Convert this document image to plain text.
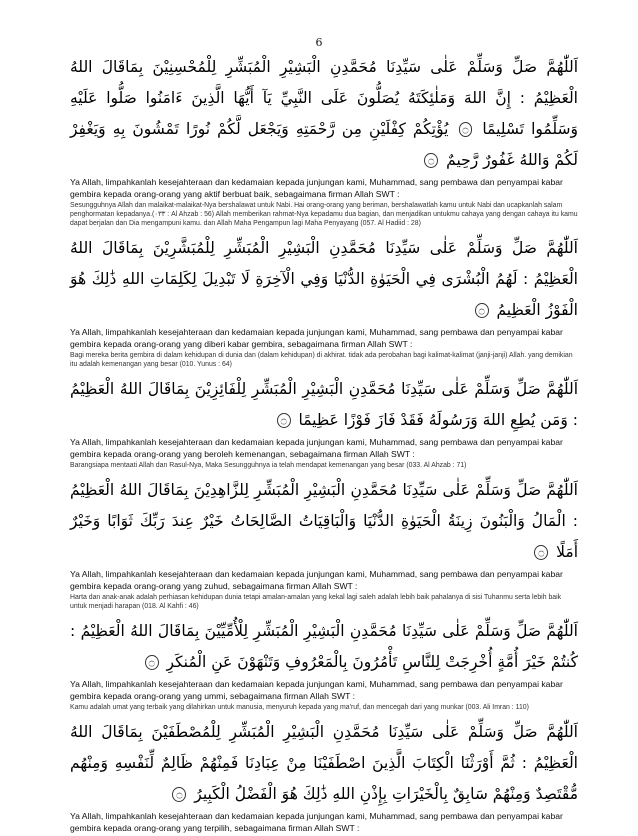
6
اَللّٰهُمَّ صَلِّ وَسَلِّمْ عَلٰى سَيِّدِنَا مُحَمَّدِنِ الْبَشِيْرِ الْمُبَشِّرِ لِلْمُحْسِنِيْنَ بِمَاقَالَ اللهُ الْعَظِيْمُ : إِنَّ اللهَ وَمَلٰئِكَتَهُ يُصَلُّونَ عَلَى النَّبِيِّ يَآ أَيُّهَا الَّذِينَ ءَامَنُوا صَلُّوا عَلَيْهِ وَسَلِّمُوا تَسْلِيمًا ۝ يُؤْتِكُمْ كِفْلَيْنِ مِن رَّحْمَتِهِ وَيَجْعَل لَّكُمْ نُورًا تَمْشُونَ بِهِ وَيَغْفِرْ لَكُمْ وَاللهُ غَفُورٌ رَّحِيمٌ ۝
Ya Allah, limpahkanlah kesejahteraan dan kedamaian kepada junjungan kami, Muhammad, sang pembawa dan penyampai kabar gembira kepada orang-orang yang aktif berbuat baik, sebagaimana firman Allah SWT :
Sesungguhnya Allah dan malaikat-malaikat-Nya bershalawat untuk Nabi. Hai orang-orang yang beriman, bershalawatlah kamu untuk Nabi dan ucapkanlah salam penghormatan kepadanya.(٠٣٣ : Al Ahzab : 56) Allah memberikan rahmat-Nya kepadamu dua bagian, dan menjadikan untukmu cahaya yang dengan cahaya itu kamu dapat berjalan dan Dia mengampuni kamu. dan Allah Maha Pengampun lagi Maha Penyayang (057. Al Hadiid : 28)
اَللّٰهُمَّ صَلِّ وَسَلِّمْ عَلٰى سَيِّدِنَا مُحَمَّدِنِ الْبَشِيْرِ الْمُبَشِّرِ لِلْمُبَشَّرِيْنَ بِمَاقَالَ اللهُ الْعَظِيْمُ : لَهُمُ الْبُشْرَى فِي الْحَيَوٰةِ الدُّنْيَا وَفِي الْآخِرَةِ لَا تَبْدِيلَ لِكَلِمَاتِ اللهِ ذَٰلِكَ هُوَ الْفَوْزُ الْعَظِيمُ ۝
Ya Allah, limpahkanlah kesejahteraan dan kedamaian kepada junjungan kami, Muhammad, sang pembawa dan penyampai kabar gembira kepada orang-orang yang diberi kabar gembira, sebagaimana firman Allah SWT :
Bagi mereka berita gembira di dalam kehidupan di dunia dan (dalam kehidupan) di akhirat. tidak ada perobahan bagi kalimat-kalimat (janji-janji) Allah. yang demikian itu adalah kemenangan yang besar (010. Yunus : 64)
اَللّٰهُمَّ صَلِّ وَسَلِّمْ عَلٰى سَيِّدِنَا مُحَمَّدِنِ الْبَشِيْرِ الْمُبَشِّرِ لِلْفَائِزِيْنَ بِمَاقَالَ اللهُ الْعَظِيْمُ : وَمَن يُطِعِ اللهَ وَرَسُولَهُ فَقَدْ فَازَ فَوْزًا عَظِيمًا ۝
Ya Allah, limpahkanlah kesejahteraan dan kedamaian kepada junjungan kami, Muhammad, sang pembawa dan penyampai kabar gembira kepada orang-orang yang beroleh kemenangan, sebagaimana firman Allah SWT :
Barangsiapa mentaati Allah dan Rasul-Nya, Maka Sesungguhnya ia telah mendapat kemenangan yang besar (033. Al Ahzab : 71)
اَللّٰهُمَّ صَلِّ وَسَلِّمْ عَلٰى سَيِّدِنَا مُحَمَّدِنِ الْبَشِيْرِ الْمُبَشِّرِ لِلزَّاهِدِيْنَ بِمَاقَالَ اللهُ الْعَظِيْمُ : الْمَالُ وَالْبَنُونَ زِينَةُ الْحَيَوٰةِ الدُّنْيَا وَالْبَاقِيَاتُ الصَّالِحَاتُ خَيْرٌ عِندَ رَبِّكَ ثَوَابًا وَخَيْرٌ أَمَلًا ۝
Ya Allah, limpahkanlah kesejahteraan dan kedamaian kepada junjungan kami, Muhammad, sang pembawa dan penyampai kabar gembira kepada orang-orang yang zuhud, sebagaimana firman Allah SWT :
Harta dan anak-anak adalah perhiasan kehidupan dunia tetapi amalan-amalan yang kekal lagi saleh adalah lebih baik pahalanya di sisi Tuhanmu serta lebih baik untuk menjadi harapan (018. Al Kahfi : 46)
اَللّٰهُمَّ صَلِّ وَسَلِّمْ عَلٰى سَيِّدِنَا مُحَمَّدِنِ الْبَشِيْرِ الْمُبَشِّرِ لِلْأُمِّيِّيْنَ بِمَاقَالَ اللهُ الْعَظِيْمُ : كُنتُمْ خَيْرَ أُمَّةٍ أُخْرِجَتْ لِلنَّاسِ تَأْمُرُونَ بِالْمَعْرُوفِ وَتَنْهَوْنَ عَنِ الْمُنكَرِ ۝
Ya Allah, limpahkanlah kesejahteraan dan kedamaian kepada junjungan kami, Muhammad, sang pembawa dan penyampai kabar gembira kepada orang-orang yang ummi, sebagaimana firman Allah SWT :
Kamu adalah umat yang terbaik yang dilahirkan untuk manusia, menyuruh kepada yang ma'ruf, dan mencegah dari yang munkar (003. Ali Imran : 110)
اَللّٰهُمَّ صَلِّ وَسَلِّمْ عَلٰى سَيِّدِنَا مُحَمَّدِنِ الْبَشِيْرِ الْمُبَشِّرِ لِلْمُصْطَفَيْنَ بِمَاقَالَ اللهُ الْعَظِيْمُ : ثُمَّ أَوْرَثْنَا الْكِتَابَ الَّذِينَ اصْطَفَيْنَا مِنْ عِبَادِنَا فَمِنْهُمْ ظَالِمٌ لِّنَفْسِهِ وَمِنْهُم مُّقْتَصِدٌ وَمِنْهُمْ سَابِقٌ بِالْخَيْرَاتِ بِإِذْنِ اللهِ ذَٰلِكَ هُوَ الْفَضْلُ الْكَبِيرُ ۝
Ya Allah, limpahkanlah kesejahteraan dan kedamaian kepada junjungan kami, Muhammad, sang pembawa dan penyampai kabar gembira kepada orang-orang yang terpilih, sebagaimana firman Allah SWT :
